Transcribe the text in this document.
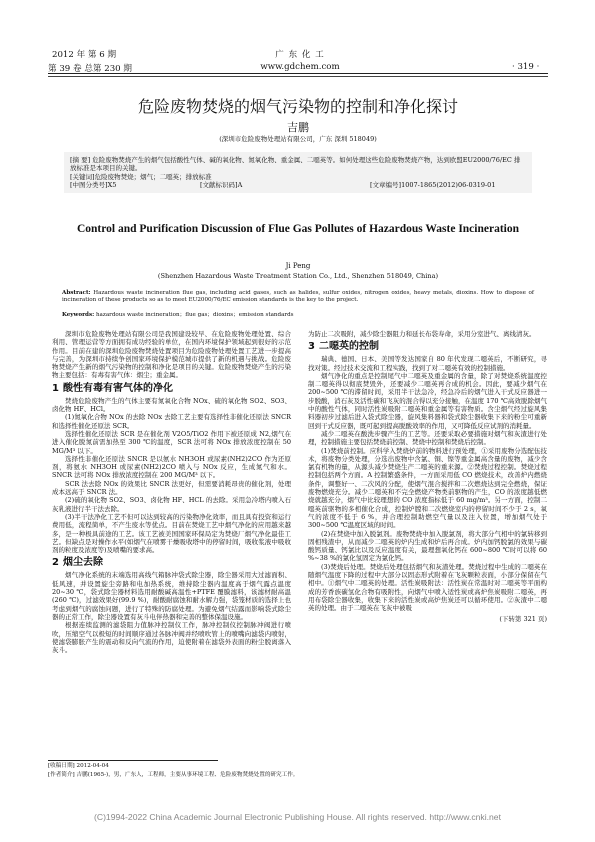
2012 年 第 6 期
第 39 卷 总第 230 期
广 东 化 工
www.gdchem.com	· 319 ·
危险废物焚烧的烟气污染物的控制和净化探讨
吉鹏
(深圳市危险废物处理站有限公司，广东 深圳 518049)

[摘 要] 危险废物焚烧产生的烟气包括酸性气体、碱的氧化物、氮氧化物、重金属、二噁英等。如何处理这些危险废物焚烧产物，达到欧盟EU2000/76/EC 排放标准是本项目的关键。

[关键词]危险废物焚烧；烟气；二噁英；排放标准

[中图分类号]X5	[文献标识码]A	[文章编号]1007-1865(2012)06-0319-01
Control and Purification Discussion of Flue Gas Pollutes of Hazardous Waste Incineration
Ji Peng
(Shenzhen Hazardous Waste Treatment Station Co., Ltd., Shenzhen 518049, China)
Abstract: Hazardous waste incineration flue gas, including acid gases, such as halides, sulfur oxides, nitrogen oxides, heavy metals, dioxins. How to dispose of incineration of these products so as to meet EU2000/76/EC emission standards is the key to the project.
Keywords: hazardous waste incineration；flue gas；dioxins；emission standards

深圳市危险废物处理站有限公司是我国建设较早、在危险废物处理处置、综合利用、管理运营等方面拥有成功经验的单位，在国内环境保护领域起到很好的示范作用。目前在建的深圳危险废物焚烧处置项目为危险废物处理处置工艺进一步提高与完善，为深圳市持续争创国家环境保护模范城市提供了新的机遇与挑战。危险废物焚烧产生新的烟气污染物的控制和净化是项目的关键。危险废物焚烧产生的污染物主要包括：有毒有害气体：烟尘；重金属。

1 酸性有毒有害气体的净化

焚烧危险废物产生的气体主要有氮氧化合物 NOx、硫的氧化物 SO2、SO3、卤化物 HF、HCl。

(1)氮氧化合物 NOx 的去除 NOx 去除工艺主要有选择性非催化还原法 SNCR 和选择性催化还原法 SCR。

选择性催化还原法 SCR 是在催化剂 V2O5/TiO2 作用下被还原成 N2,烟气在进入催化脱氮前需加热至 300 ℃的温度，SCR 法可将 NOx 排放浓度控制在 50 MG/M³ 以下。

选择性非催化还原法 SNCR 是以氨水 NH3OH 或尿素(NH2)2CO 作为还原剂，将氨水 NH3OH 或尿素(NH2)2CO 喷入与 NOx 反应，生成氮气和水。SNCR 法可将 NOx 排放浓度控制在 200 MG/M³ 以下。

SCR 法去除 NOx 的效果比 SNCR 法更好，但需要消耗昂贵的催化剂，处理成本远高于 SNCR 法。

(2)硫的氧化物 SO2、SO3、卤化物 HF、HCL 的去除。采用急冷塔内喷入石灰乳液进行半干法去除。

(3)半干法净化工艺不但可以达到较高的污染物净化效率，而且具有投资和运行费用低，流程简单，不产生废水等优点。目前在焚烧工艺中烟气净化的应用越来越多，是一种极具前途的工艺。该工艺被美国国家环保局定为焚烧厂烟气净化最佳工艺。但缺点是对操作水平(如烟气在喷雾干燥吸收塔中的停留时间，吸收浆液中吸收剂的粒度及浓度等)及喷嘴的要求高。

2 烟尘去除

烟气净化系统的末端选用高线气箱脉冲袋式除尘器，除尘器采用大过滤面积、低风速，并设置旋尘旁路和电加热系统，维持除尘器内温度高于烟气露点温度 20~30 ℃，袋式除尘器材料选用耐酸碱高温性+PTFE 覆膜滤料，该滤材耐高温(260 ℃)，过滤效果好(99.9 %)，耐酸耐腐蚀和耐水解力强，袋笼材质的选择上也考虑到烟气的腐蚀问题，进行了特殊的防腐处理。为避免烟气结露而影响袋式除尘器的正常工作，除尘器设置有灰斗电伴热器和完善的整体保温设施。

根据连续监测的滤袋阻力值脉冲控制仪工作，脉冲控制仪控制脉冲阀进行喷吹，压缩空气以极短的时间顺序通过各脉冲阀并经喷吹管上的喷嘴向滤袋内喷射，使滤袋膨胀产生的震动和反向气流的作用，迫使附着在滤袋外表面的粉尘脱离落入灰斗。

为防止二次吸附，减少除尘器阻力和延长布袋寿命，采用分室进气、离线清灰。

3 二噁英的控制

瑞典、德国、日本、美国等发达国家自 80 年代发现二噁英后，不断研究，寻找对策。经过技术交流和工程实践，找到了对二噁英有效的控制措施。

烟气净化的重点是控制尾气中二噁英及重金属的含量，除了对焚烧系统温度控制二噁英得以彻底焚毁外，还要减少二噁英再合成的机会。因此，要减少烟气在 200~500 ℃的滞留时间，采用半干法急冷，经急冷后的烟气进入干式反应器进一步脱酸，消石灰及活性碳和飞灰的混合得以充分接触，在温度 170 ℃高效脱除烟气中的酸性气体，同时活性炭吸附二噁英和重金属等有害物质。含尘烟气经过旋风集料器初步过滤后进入袋式除尘器，旋风集料器和袋式除尘器收集下来的粉尘可重新回到干式反应器，既可起到提高脱酸效率的作用，又可降低反应试剂的消耗量。

减少二噁英在酸洗步骤产生的工艺等。还要采取必要措施对烟气和灰渣进行处理，控制措施主要包括焚烧前控制、焚烧中控制和焚烧后控制。

(1)焚烧前控制。应科学入焚烧炉前的物料进行预处理，①采用废物分选配伍技术，将废物分类处理，分选出废物中含氯、铜、镍等重金属高含量的废物，减少含氯有机物的量，从源头减少焚烧生产二噁英的重来源。②焚烧过程控制。焚烧过程控制包括两个方面。A 控制繁盛条件，一方面采用低 CO 燃烧技术，改善炉内燃烧条件，调整好一、二次风的分配，使烟气混合搅拌和二次燃烧达到完全燃烧，保证废物燃烧充分。减少二噁英和不完全燃烧产物类前驱物的产生，CO 的浓度越低燃烧就越充分，烟气中比较理想的 CO 浓度指标低于 60 mg/m³。另一方面，控制二噁英前驱物的多相催化合成，控制炉膛和二次燃烧室内的停留时间不少于 2 s，氧气的浓度不低于 6 %，并合理控制助燃空气量以及注入位置，增加烟气处于 300~500 ℃温度区域的时间。

(2)在焚烧中加入脱氯剂。废物焚烧中加入脱氯剂，将大部分气相中的氯转移到固相残渣中，从而减少二噁英的炉内生成和炉后再合成。炉内加钙脱氯的效果与碳酸钙质量、钙氯比以及反应温度有关，最理想氧化钙在 600~800 ℃时可以将 60 %~38 %的氯化氢固定为氯化钙。

(3)焚烧后处理。焚烧后处理包括烟气和灰渣处理。焚烧过程中生成的二噁英在随烟气温度下降的过程中大部分以固态形式附着在飞灰颗粒表面，小部分保留在气相中。①烟气中二噁英的处理。活性炭吸附法：活性炭在常温时对二噁英等平面构成的芳香族碳氢化合物有吸附性，向烟气中喷入适性炭或高炉焦炭吸附二噁英，再用布袋除尘器收集，收集下来的活性炭或高炉焦炭还可以循环使用。②灰渣中二噁英的处理。由于二噁英在飞灰中被吸

(下转第 321 页)
[收稿日期] 2012-04-04
[作者简介] 吉鹏(1965-)，男，广东人，工程师，主要从事环境工程、危险废物焚烧处置的研究工作。
(C)1994-2022 China Academic Journal Electronic Publishing House. All rights reserved. http://www.cnki.net
